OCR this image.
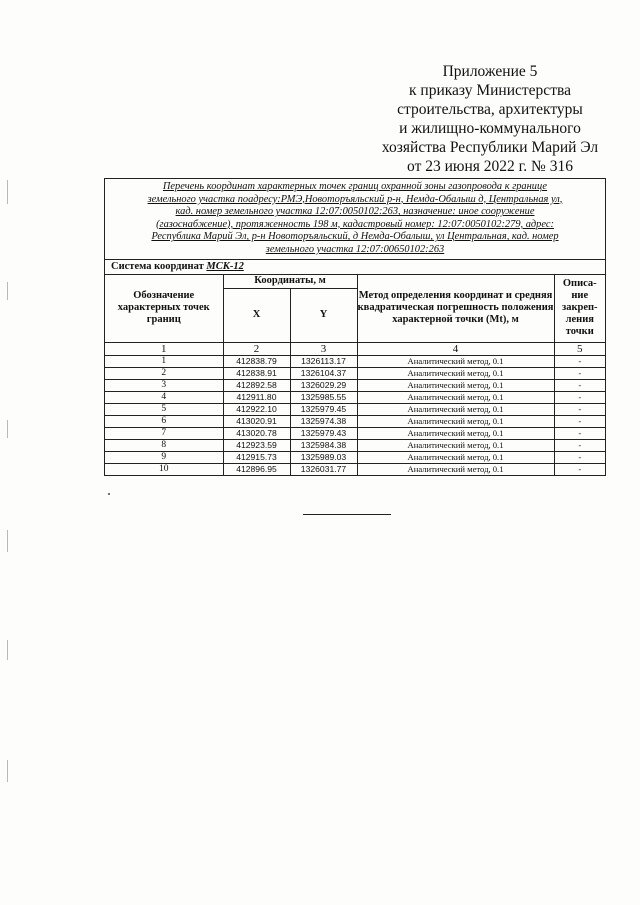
Приложение 5
к приказу Министерства
строительства, архитектуры
и жилищно-коммунального
хозяйства Республики Марий Эл
от 23 июня 2022 г. № 316
Перечень координат характерных точек границ охранной зоны газопровода к границе
земельного участка поадресу:РМЭ,Новоторъяльский р-н, Немда-Обалыш д, Центральная ул,
кад. номер земельного участка 12:07:0050102:263, назначение: иное сооружение
(газоснабжение), протяженность 198 м, кадастровый номер: 12:07:0050102:279, адрес:
Республика Марий Эл, р-н Новоторъяльский, д Немда-Обалыш, ул Центральная, кад. номер
земельного участка 12:07:00650102:263
Система координат МСК-12
Обозначение характерных точек границ	Координаты, м		Метод определения координат и средняя квадратическая погрешность положения характерной точки (Mt), м	Описа-ние закреп-ления точки
	X	Y		
1	2	3	4	5
1	412838.79	1326113.17	Аналитический метод, 0.1	-
2	412838.91	1326104.37	Аналитический метод, 0.1	-
3	412892.58	1326029.29	Аналитический метод, 0.1	-
4	412911.80	1325985.55	Аналитический метод, 0.1	-
5	412922.10	1325979.45	Аналитический метод, 0.1	-
6	413020.91	1325974.38	Аналитический метод, 0.1	-
7	413020.78	1325979.43	Аналитический метод, 0.1	-
8	412923.59	1325984.38	Аналитический метод, 0.1	-
9	412915.73	1325989.03	Аналитический метод, 0.1	-
10	412896.95	1326031.77	Аналитический метод, 0.1	-
